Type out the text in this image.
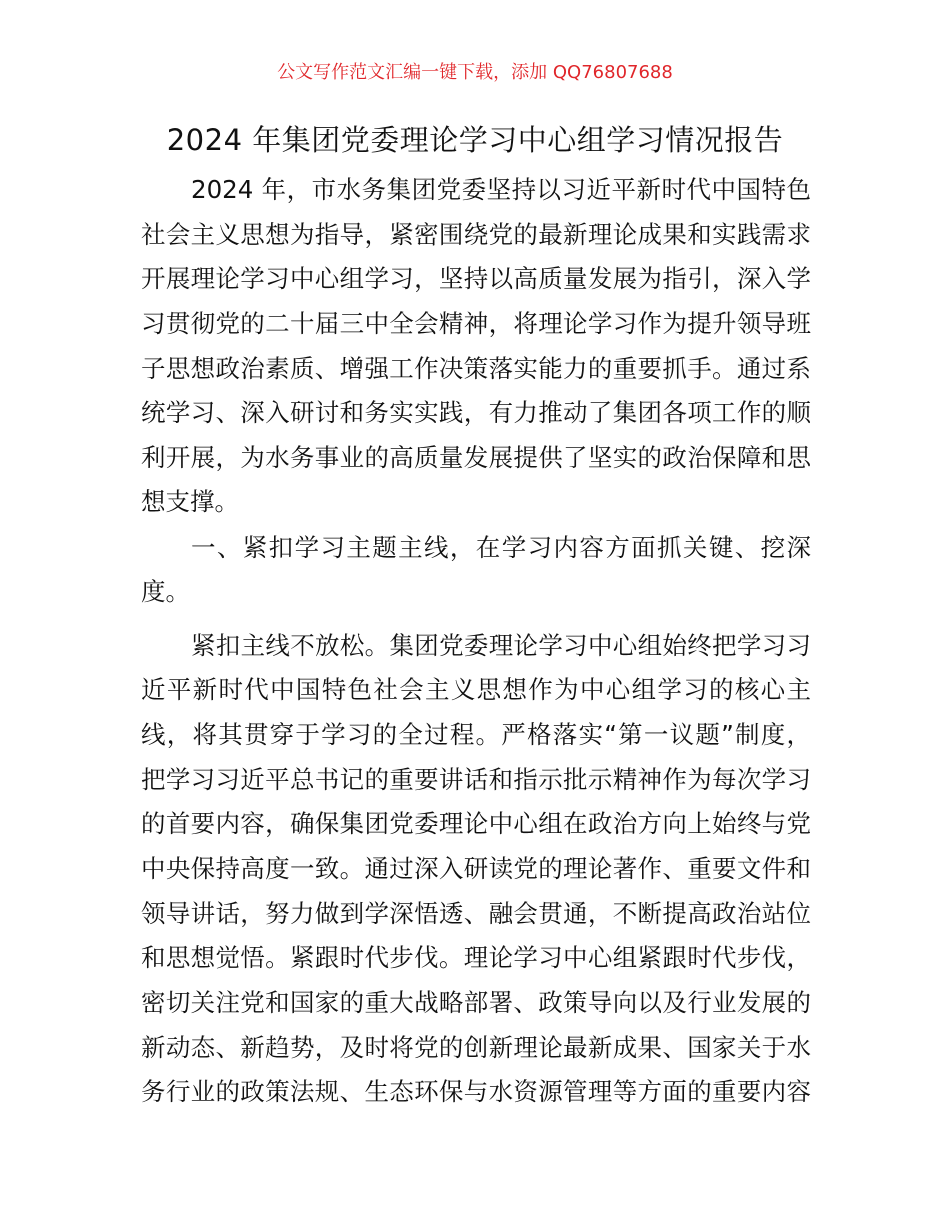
公文写作范文汇编一键下载，添加 QQ76807688
2024 年集团党委理论学习中心组学习情况报告
2024 年，市水务集团党委坚持以习近平新时代中国特色
社会主义思想为指导，紧密围绕党的最新理论成果和实践需求
开展理论学习中心组学习，坚持以高质量发展为指引，深入学
习贯彻党的二十届三中全会精神，将理论学习作为提升领导班
子思想政治素质、增强工作决策落实能力的重要抓手。通过系
统学习、深入研讨和务实实践，有力推动了集团各项工作的顺
利开展，为水务事业的高质量发展提供了坚实的政治保障和思
想支撑。
一、紧扣学习主题主线，在学习内容方面抓关键、挖深
度。
紧扣主线不放松。集团党委理论学习中心组始终把学习习
近平新时代中国特色社会主义思想作为中心组学习的核心主
线，将其贯穿于学习的全过程。严格落实“第一议题”制度，
把学习习近平总书记的重要讲话和指示批示精神作为每次学习
的首要内容，确保集团党委理论中心组在政治方向上始终与党
中央保持高度一致。通过深入研读党的理论著作、重要文件和
领导讲话，努力做到学深悟透、融会贯通，不断提高政治站位
和思想觉悟。紧跟时代步伐。理论学习中心组紧跟时代步伐，
密切关注党和国家的重大战略部署、政策导向以及行业发展的
新动态、新趋势，及时将党的创新理论最新成果、国家关于水
务行业的政策法规、生态环保与水资源管理等方面的重要内容
